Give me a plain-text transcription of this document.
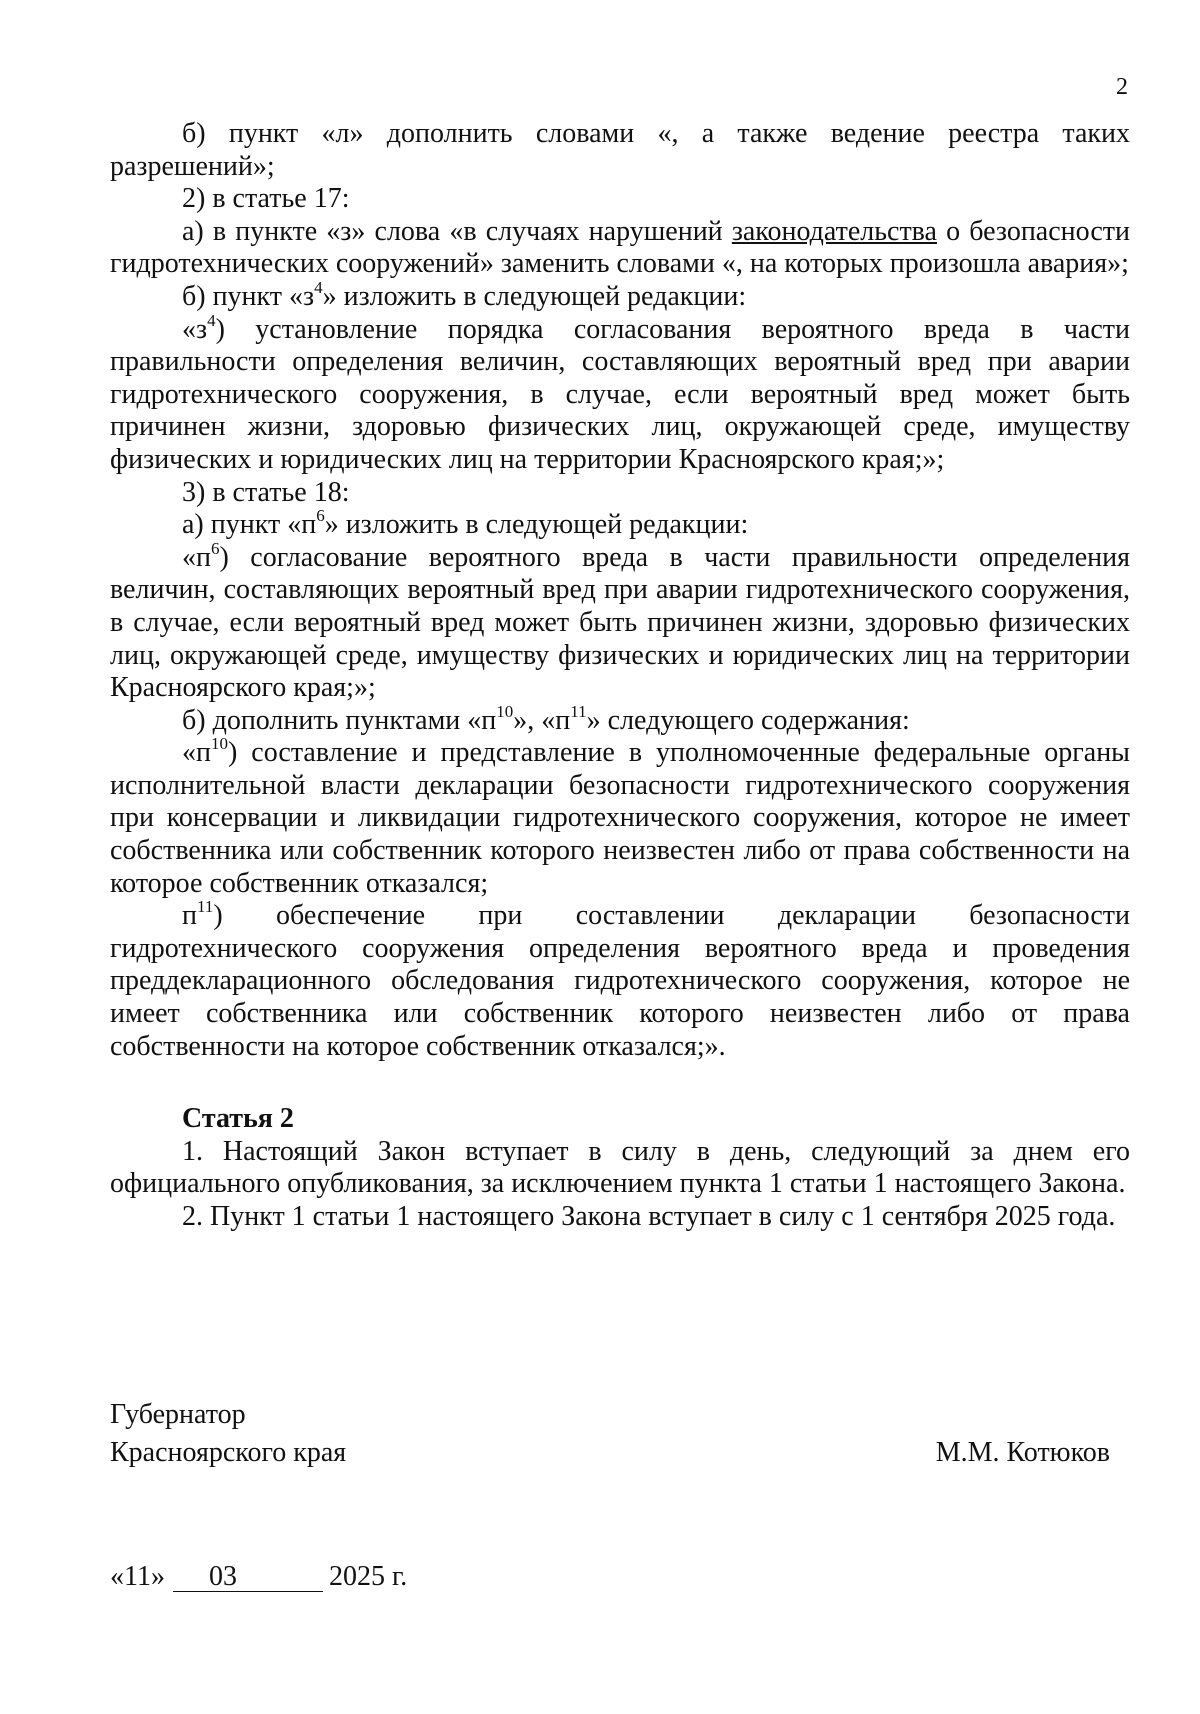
2

б) пункт «л» дополнить словами «, а также ведение реестра таких разрешений»;

2) в статье 17:

а) в пункте «з» слова «в случаях нарушений законодательства о безопасности гидротехнических сооружений» заменить словами «, на которых произошла авария»;

б) пункт «$з^4$» изложить в следующей редакции:

«$з^4$) установление порядка согласования вероятного вреда в части правильности определения величин, составляющих вероятный вред при аварии гидротехнического сооружения, в случае, если вероятный вред может быть причинен жизни, здоровью физических лиц, окружающей среде, имуществу физических и юридических лиц на территории Красноярского края;»;

3) в статье 18:

а) пункт «$п^6$» изложить в следующей редакции:

«$п^6$) согласование вероятного вреда в части правильности определения величин, составляющих вероятный вред при аварии гидротехнического сооружения, в случае, если вероятный вред может быть причинен жизни, здоровью физических лиц, окружающей среде, имуществу физических и юридических лиц на территории Красноярского края;»;

б) дополнить пунктами «$п^{10}$», «$п^{11}$» следующего содержания:

«$п^{10}$) составление и представление в уполномоченные федеральные органы исполнительной власти декларации безопасности гидротехнического сооружения при консервации и ликвидации гидротехнического сооружения, которое не имеет собственника или собственник которого неизвестен либо от права собственности на которое собственник отказался;

$п^{11}$) обеспечение при составлении декларации безопасности гидротехнического сооружения определения вероятного вреда и проведения преддекларационного обследования гидротехнического сооружения, которое не имеет собственника или собственник которого неизвестен либо от права собственности на которое собственник отказался;».

Статья 2

1. Настоящий Закон вступает в силу в день, следующий за днем его официального опубликования, за исключением пункта 1 статьи 1 настоящего Закона.

2. Пункт 1 статьи 1 настоящего Закона вступает в силу с 1 сентября 2025 года.

Губернатор
Красноярского края	М.М. Котюков
«11» 03	2025 г.
